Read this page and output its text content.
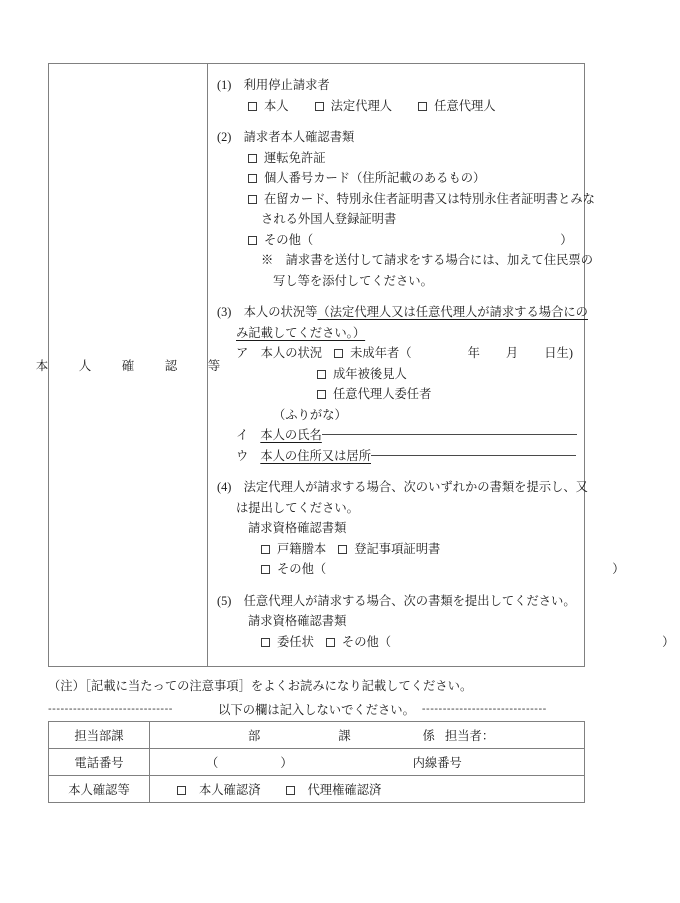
本　人　確　認　等
(1)　利用停止請求者
本人	法定代理人	任意代理人
(2)　請求者本人確認書類
運転免許証
個人番号カード（住所記載のあるもの）
在留カード、特別永住者証明書又は特別永住者証明書とみな
される外国人登録証明書
その他（	）
※　請求書を送付して請求をする場合には、加えて住民票の
写し等を添付してください。
(3)　本人の状況等（法定代理人又は任意代理人が請求する場合にの
み記載してください。）
ア　本人の状況 未成年者（	年 月 日生)
成年被後見人
任意代理人委任者
（ふりがな）
イ 本人の氏名
ウ 本人の住所又は居所
(4)　法定代理人が請求する場合、次のいずれかの書類を提示し、又
は提出してください。
請求資格確認書類
戸籍謄本 登記事項証明書
その他（	）
(5)　任意代理人が請求する場合、次の書類を提出してください。
請求資格確認書類
委任状 その他（	）
（注）［記載に当たっての注意事項］をよくお読みになり記載してください。
------------------------------	以下の欄は記入しないでください。 ------------------------------
担当部課	部 課 係 担当者：
電話番号	（ ） 内線番号
本人確認等	本人確認済 代理権確認済
